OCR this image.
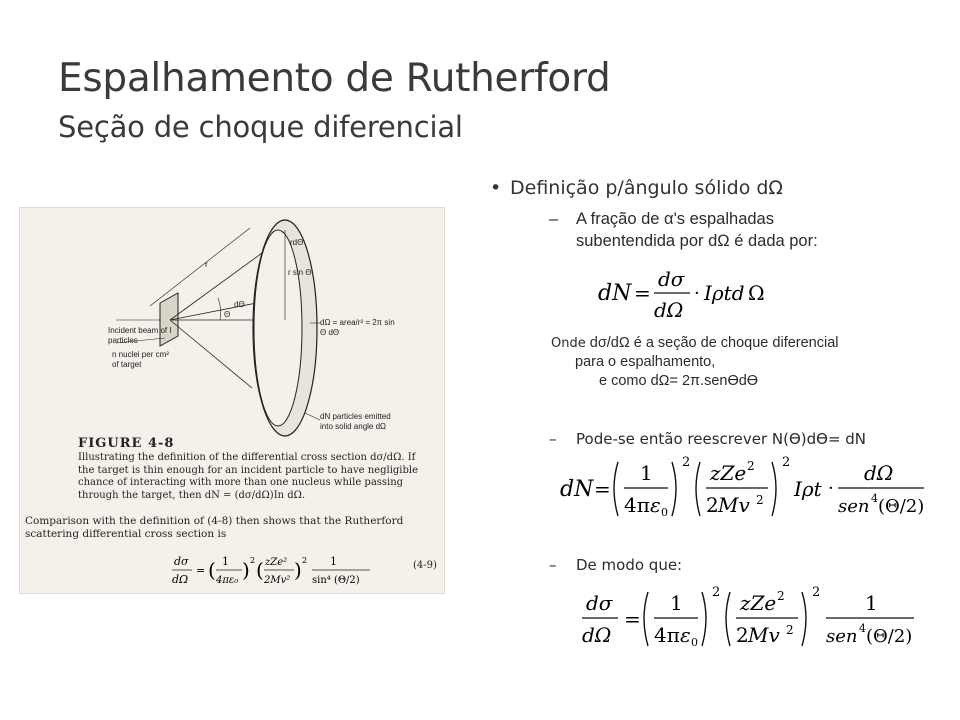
Espalhamento de Rutherford
Seção de choque diferencial
Incident beam of I particles
n nuclei per cm² of target
dΩ = area/r² = 2π sin Θ dΘ
dN particles emitted into solid angle dΩ
rdΘ
r sin Θ
r
dΘ
Θ
FIGURE 4-8
Illustrating the definition of the differential cross section dσ/dΩ. If the target is thin enough for an incident particle to have negligible chance of interacting with more than one nucleus while passing through the target, then dN = (dσ/dΩ)In dΩ.
Comparison with the definition of (4-8) then shows that the Rutherford scattering differential cross section is
dσ
dΩ
= ( 1
4πε₀ ) 2 ( zZe²
2Mv² ) 2 1
sin⁴ (Θ/2)
(4-9)
• Definição p/ângulo sólido dΩ
– A fração de α's espalhadas
subentendida por dΩ é dada por:
dN =
dσ
dΩ
· Iρtd Ω
Onde dσ/dΩ é a seção de choque diferencial
para o espalhamento,
e como dΩ= 2π.senϴdϴ
– Pode-se então reescrever N(ϴ)dϴ= dN
dN =
1
4π ε 0
2 zZe 2
2 Mv 2
2
Iρt ·
dΩ
sen 4 (Θ/2)
– De modo que:
dσ
dΩ
=
1
4π ε 0
2 zZe 2
2 Mv 2
2 1
sen 4 (Θ/2)
